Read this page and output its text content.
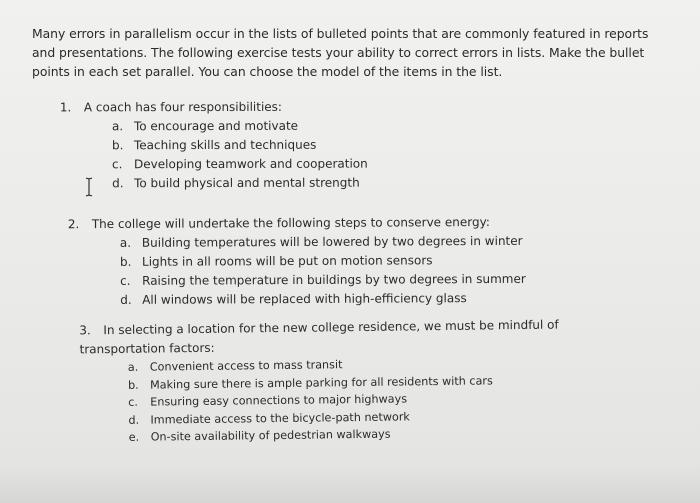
Many errors in parallelism occur in the lists of bulleted points that are commonly featured in reports and presentations. The following exercise tests your ability to correct errors in lists. Make the bullet points in each set parallel. You can choose the model of the items in the list.
1. A coach has four responsibilities:
a. To encourage and motivate
b. Teaching skills and techniques
c. Developing teamwork and cooperation
d. To build physical and mental strength
2. The college will undertake the following steps to conserve energy:
a. Building temperatures will be lowered by two degrees in winter
b. Lights in all rooms will be put on motion sensors
c. Raising the temperature in buildings by two degrees in summer
d. All windows will be replaced with high-efficiency glass
3. In selecting a location for the new college residence, we must be mindful of transportation factors:
a. Convenient access to mass transit
b. Making sure there is ample parking for all residents with cars
c. Ensuring easy connections to major highways
d. Immediate access to the bicycle-path network
e. On-site availability of pedestrian walkways
